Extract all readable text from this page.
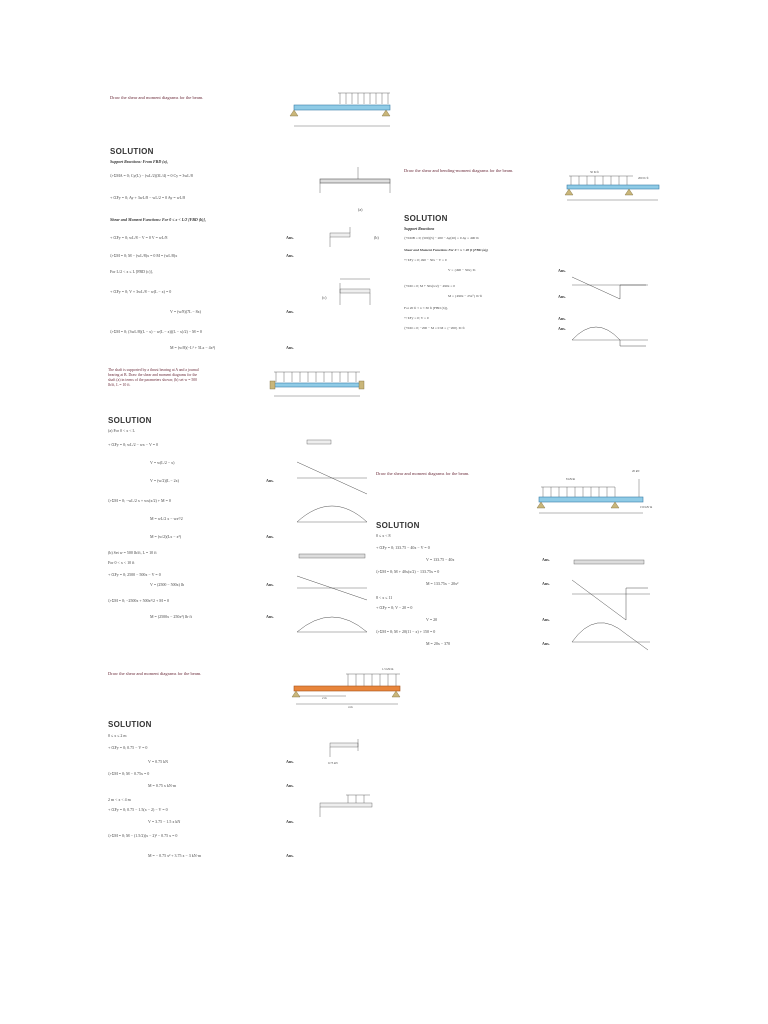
Draw the shear and moment diagrams for the beam.
SOLUTION
Support Reactions: From FBD (a),
ζ+ΣMA = 0; Cy(L) − (wL/2)(3L/4) = 0 Cy = 3wL/8
+↑ΣFy = 0; Ay + 3wL/8 − wL/2 = 0 Ay = wL/8
Shear and Moment Functions: For 0 ≤ x < L/2 [FBD (b)],
+↑ΣFy = 0; wL/8 − V = 0 V = wL/8	Ans.
ζ+ΣM = 0; M − (wL/8)x = 0 M = (wL/8)x	Ans.
For L/2 < x ≤ L [FBD (c)],
+↑ΣFy = 0; V + 3wL/8 − w(L − x) = 0
V = (w/8)(7L − 8x)	Ans.
ζ+ΣM = 0; (3wL/8)(L − x) − w(L − x)((L − x)/2) − M = 0
M = (w/8)(−L² + 5Lx − 4x²)	Ans.
(a)
(b)
(c)
Draw the shear and bending-moment diagrams for the beam.	50 lb/ft
200 lb·ft
SOLUTION
Support Reactions
ζ+ΣMB = 0; (500)(5) − 200 − Ay(20) = 0 Ay = 490 lb
Shear and Moment Functions For 0 < x < 20 ft [FBD (a)],
+↑ΣFy = 0; 490 − 50x − V = 0
V = {490 − 50x} lb	Ans.
ζ+ΣM = 0; M + 50x(x/2) − 490x = 0
M = {490x − 25x²} lb·ft	Ans.
For 20 ft < x < 30 ft [FBD (b)],
+↑ΣFy = 0; V = 0	Ans.
ζ+ΣM = 0; −200 − M = 0 M = {−200} lb·ft	Ans.
The shaft is supported by a thrust bearing at A and a journal bearing at B. Draw the shear and moment diagrams for the shaft (a) in terms of the parameters shown; (b) set w = 500 lb/ft, L = 10 ft.
SOLUTION
(a) For 0 < x < L
+↑ΣFy = 0; wL/2 − wx − V = 0
V = w(L/2 − x)
V = (w/2)(L − 2x)	Ans.
ζ+ΣM = 0; −wL/2 x + wx(x/2) + M = 0
M = wL/2 x − wx²/2
M = (w/2)(Lx − x²)	Ans.
(b) Set w = 500 lb/ft, L = 10 ft
For 0 < x < 10 ft
+↑ΣFy = 0; 2500 − 500x − V = 0
V = (2500 − 500x) lb	Ans.
ζ+ΣM = 0; −2500x + 500x²/2 + M = 0
M = (2500x − 250x²) lb·ft	Ans.
Draw the shear and moment diagrams for the beam.	20 kN
150 kN·m
8 kN/m
SOLUTION
0 ≤ x < 8
+↑ΣFy = 0; 133.75 − 40x − V = 0
V = 133.75 − 40x	Ans.
ζ+ΣM = 0; M + 40x(x/2) − 133.75x = 0
M = 133.75x − 20x²	Ans.
8 < x ≤ 11
+↑ΣFy = 0; V − 20 = 0
V = 20	Ans.
ζ+ΣM = 0; M + 20(11 − x) + 150 = 0
M = 20x − 370	Ans.
Draw the shear and moment diagrams for the beam.
1.5 kN/m
2 m
4 m
SOLUTION
0 ≤ x ≤ 2 m
+↑ΣFy = 0; 0.75 − V = 0
V = 0.75 kN	Ans.
ζ+ΣM = 0; M − 0.75x = 0
M = 0.75 x kN·m	Ans.
2 m < x < 4 m
+↑ΣFy = 0; 0.75 − 1.5(x − 2) − V = 0
V = 3.75 − 1.5 x kN	Ans.
ζ+ΣM = 0; M − (1.5/2)(x − 2)² − 0.75 x = 0
M = − 0.75 x² + 3.75 x − 3 kN·m	Ans.
0.75 kN
